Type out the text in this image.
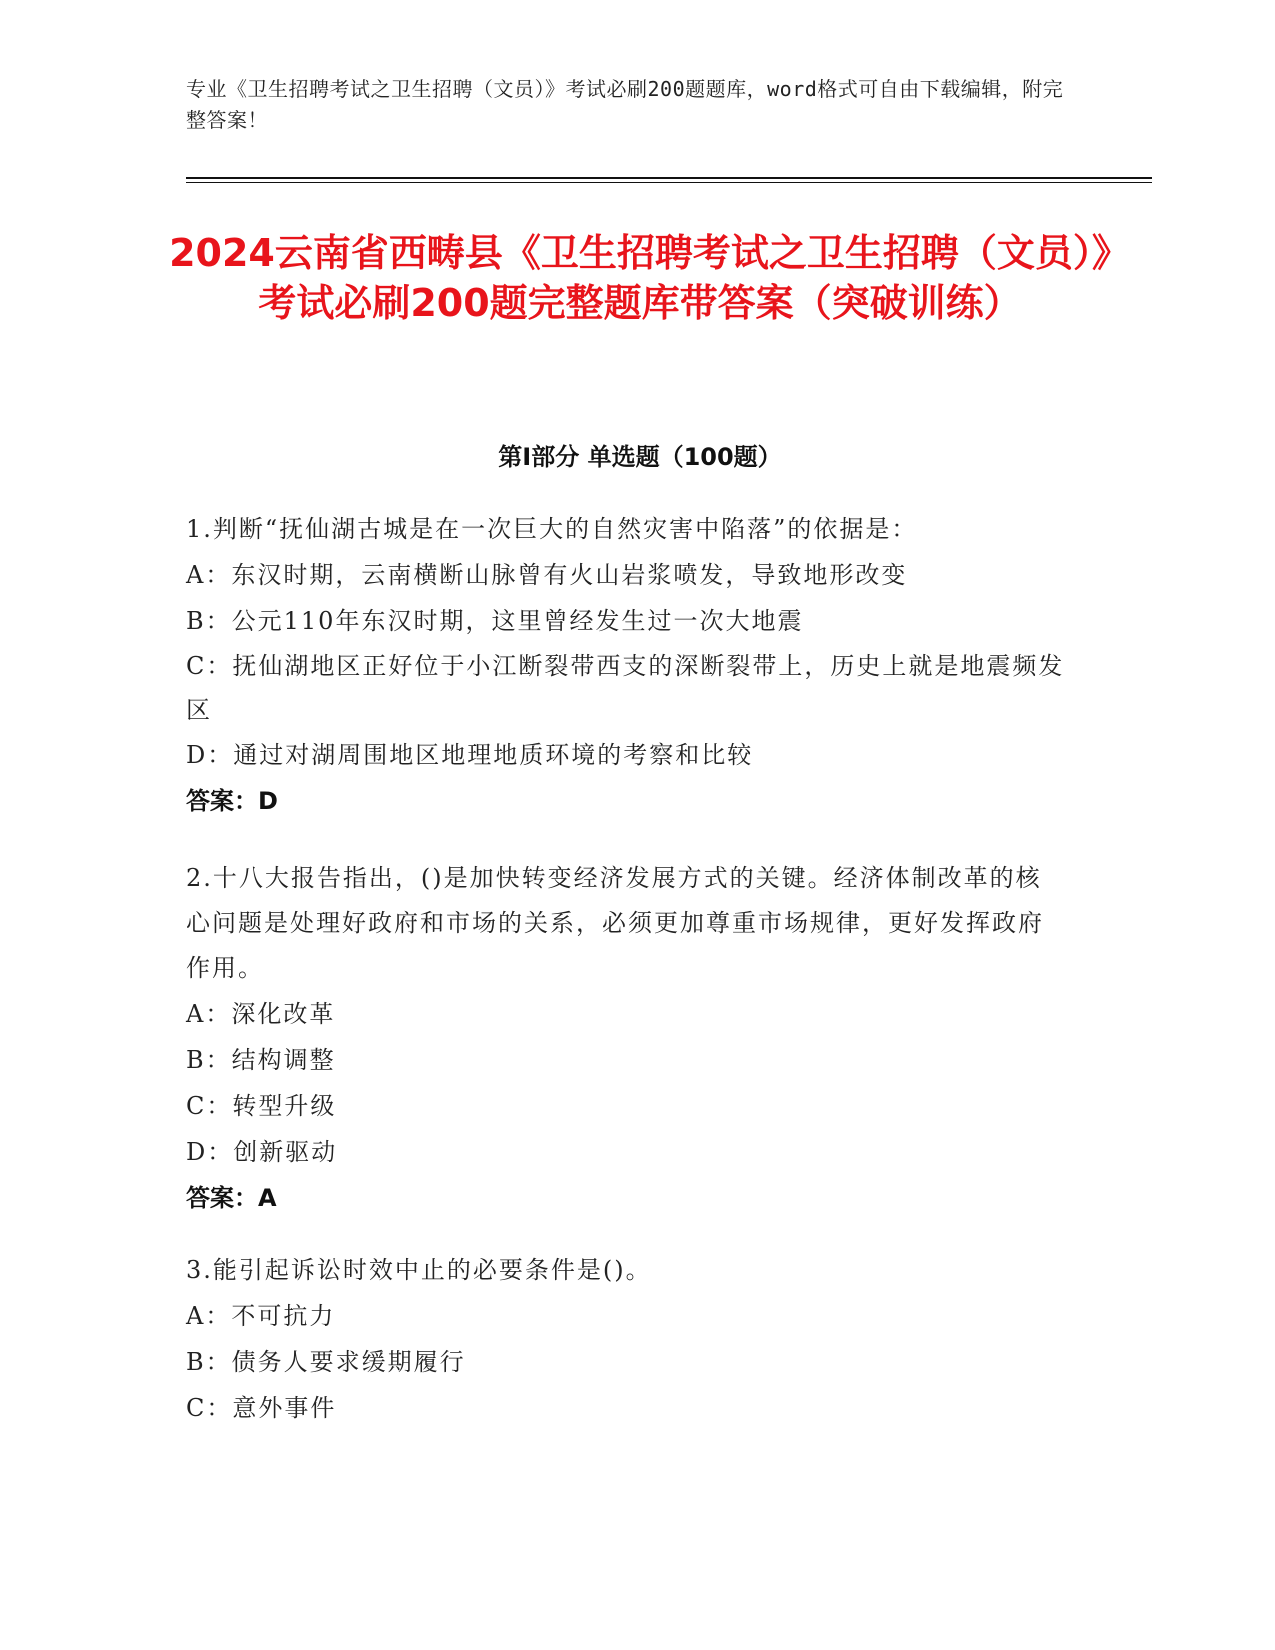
专业《卫生招聘考试之卫生招聘（文员）》考试必刷200题题库，word格式可自由下载编辑，附完整答案！
2024云南省西畴县《卫生招聘考试之卫生招聘（文员）》考试必刷200题完整题库带答案（突破训练）
第I部分 单选题（100题）
1.判断“抚仙湖古城是在一次巨大的自然灾害中陷落”的依据是：
A：东汉时期，云南横断山脉曾有火山岩浆喷发，导致地形改变
B：公元110年东汉时期，这里曾经发生过一次大地震
C：抚仙湖地区正好位于小江断裂带西支的深断裂带上，历史上就是地震频发区
D：通过对湖周围地区地理地质环境的考察和比较
答案：D
2.十八大报告指出，()是加快转变经济发展方式的关键。经济体制改革的核心问题是处理好政府和市场的关系，必须更加尊重市场规律，更好发挥政府作用。
A：深化改革
B：结构调整
C：转型升级
D：创新驱动
答案：A
3.能引起诉讼时效中止的必要条件是()。
A：不可抗力
B：债务人要求缓期履行
C：意外事件
